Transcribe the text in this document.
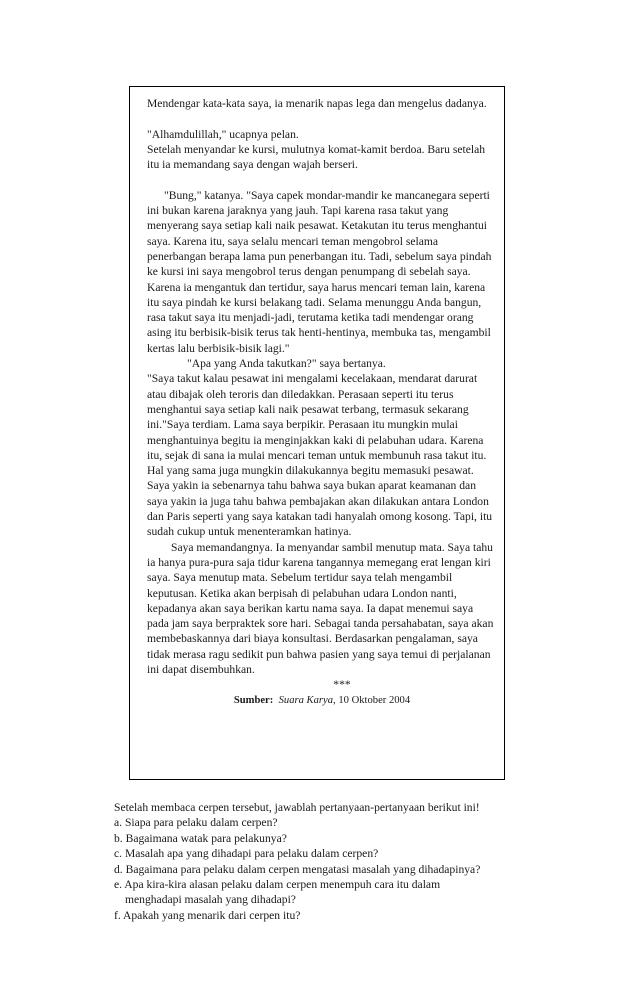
Mendengar kata-kata saya, ia menarik napas lega dan mengelus dadanya.

"Alhamdulillah," ucapnya pelan.

Setelah menyandar ke kursi, mulutnya komat-kamit berdoa. Baru setelah itu ia memandang saya dengan wajah berseri.

"Bung," katanya. "Saya capek mondar-mandir ke mancanegara seperti ini bukan karena jaraknya yang jauh. Tapi karena rasa takut yang menyerang saya setiap kali naik pesawat. Ketakutan itu terus menghantui saya. Karena itu, saya selalu mencari teman mengobrol selama penerbangan berapa lama pun penerbangan itu. Tadi, sebelum saya pindah ke kursi ini saya mengobrol terus dengan penumpang di sebelah saya. Karena ia mengantuk dan tertidur, saya harus mencari teman lain, karena itu saya pindah ke kursi belakang tadi. Selama menunggu Anda bangun, rasa takut saya itu menjadi-jadi, terutama ketika tadi mendengar orang asing itu berbisik-bisik terus tak henti-hentinya, membuka tas, mengambil kertas lalu berbisik-bisik lagi."

"Apa yang Anda takutkan?" saya bertanya.

"Saya takut kalau pesawat ini mengalami kecelakaan, mendarat darurat atau dibajak oleh teroris dan diledakkan. Perasaan seperti itu terus menghantui saya setiap kali naik pesawat terbang, termasuk sekarang ini."Saya terdiam. Lama saya berpikir. Perasaan itu mungkin mulai menghantuinya begitu ia menginjakkan kaki di pelabuhan udara. Karena itu, sejak di sana ia mulai mencari teman untuk membunuh rasa takut itu. Hal yang sama juga mungkin dilakukannya begitu memasuki pesawat. Saya yakin ia sebenarnya tahu bahwa saya bukan aparat keamanan dan saya yakin ia juga tahu bahwa pembajakan akan dilakukan antara London dan Paris seperti yang saya katakan tadi hanyalah omong kosong. Tapi, itu sudah cukup untuk menenteramkan hatinya.

Saya memandangnya. Ia menyandar sambil menutup mata. Saya tahu ia hanya pura-pura saja tidur karena tangannya memegang erat lengan kiri saya. Saya menutup mata. Sebelum tertidur saya telah mengambil keputusan. Ketika akan berpisah di pelabuhan udara London nanti, kepadanya akan saya berikan kartu nama saya. Ia dapat menemui saya pada jam saya berpraktek sore hari. Sebagai tanda persahabatan, saya akan membebaskannya dari biaya konsultasi. Berdasarkan pengalaman, saya tidak merasa ragu sedikit pun bahwa pasien yang saya temui di perjalanan ini dapat disembuhkan.

***

Sumber: Suara Karya, 10 Oktober 2004

Setelah membaca cerpen tersebut, jawablah pertanyaan-pertanyaan berikut ini!

a. Siapa para pelaku dalam cerpen?

b. Bagaimana watak para pelakunya?

c. Masalah apa yang dihadapi para pelaku dalam cerpen?

d. Bagaimana para pelaku dalam cerpen mengatasi masalah yang dihadapinya?

e. Apa kira-kira alasan pelaku dalam cerpen menempuh cara itu dalam

menghadapi masalah yang dihadapi?

f. Apakah yang menarik dari cerpen itu?
